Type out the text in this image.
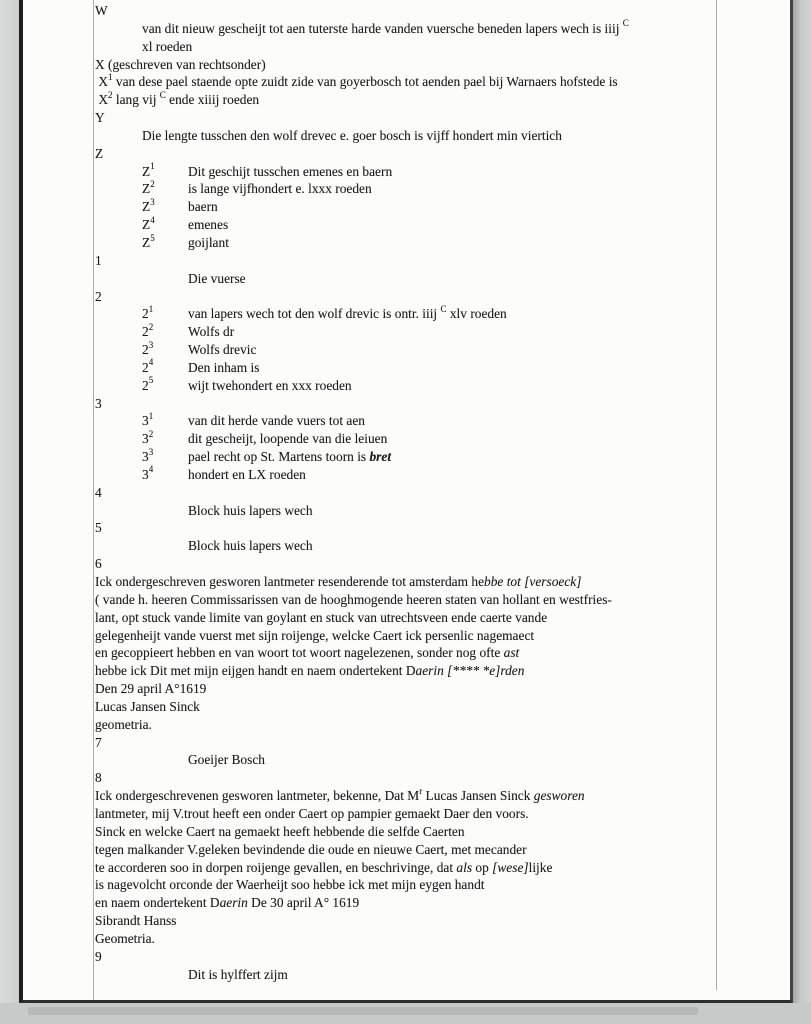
W
van dit nieuw gescheijt tot aen tuterste harde vanden vuersche beneden lapers wech is iiij $^C$
xl roeden
X (geschreven van rechtsonder)
$X^1$ van dese pael staende opte zuidt zide van goyerbosch tot aenden pael bij Warnaers hofstede is
$X^2$ lang vij $^C$ ende xiiij roeden
Y
Die lengte tusschen den wolf drevec e. goer bosch is vijff hondert min viertich
Z
$Z^1$ Dit geschijt tusschen emenes en baern
$Z^2$ is lange vijfhondert e. lxxx roeden
$Z^3$ baern
$Z^4$ emenes
$Z^5$ goijlant
1
Die vuerse
2
$2^1$	van lapers wech tot den wolf drevic is ontr. iiij $^C$ xlv roeden
$2^2$	Wolfs dr
$2^3$	Wolfs drevic
$2^4$	Den inham is
$2^5$	wijt twehondert en xxx roeden
3
$3^1$	van dit herde vande vuers tot aen
$3^2$	dit gescheijt, loopende van die leiuen
$3^3$	pael recht op St. Martens toorn is bret
$3^4$	hondert en LX roeden
4
Block huis lapers wech
5
Block huis lapers wech
6
Ick ondergeschreven gesworen lantmeter resenderende tot amsterdam hebbe tot [versoeck]
( vande h. heeren Commissarissen van de hooghmogende heeren staten van hollant en westfries-
lant, opt stuck vande limite van goylant en stuck van utrechtsveen ende caerte vande
gelegenheijt vande vuerst met sijn roijenge, welcke Caert ick persenlic nagemaect
en gecoppieert hebben en van woort tot woort nagelezenen, sonder nog ofte ast
hebbe ick Dit met mijn eijgen handt en naem ondertekent Daerin [**** *e]rden
Den 29 april A°1619
Lucas Jansen Sinck
geometria.
7
Goeijer Bosch
8
Ick ondergeschrevenen gesworen lantmeter, bekenne, Dat $M^r$ Lucas Jansen Sinck gesworen
lantmeter, mij V.trout heeft een onder Caert op pampier gemaekt Daer den voors.
Sinck en welcke Caert na gemaekt heeft hebbende die selfde Caerten
tegen malkander V.geleken bevindende die oude en nieuwe Caert, met mecander
te accorderen soo in dorpen roijenge gevallen, en beschrivinge, dat als op [wese]lijke
is nagevolcht orconde der Waerheijt soo hebbe ick met mijn eygen handt
en naem ondertekent Daerin De 30 april A° 1619
Sibrandt Hanss
Geometria.
9
Dit is hylffert zijm
